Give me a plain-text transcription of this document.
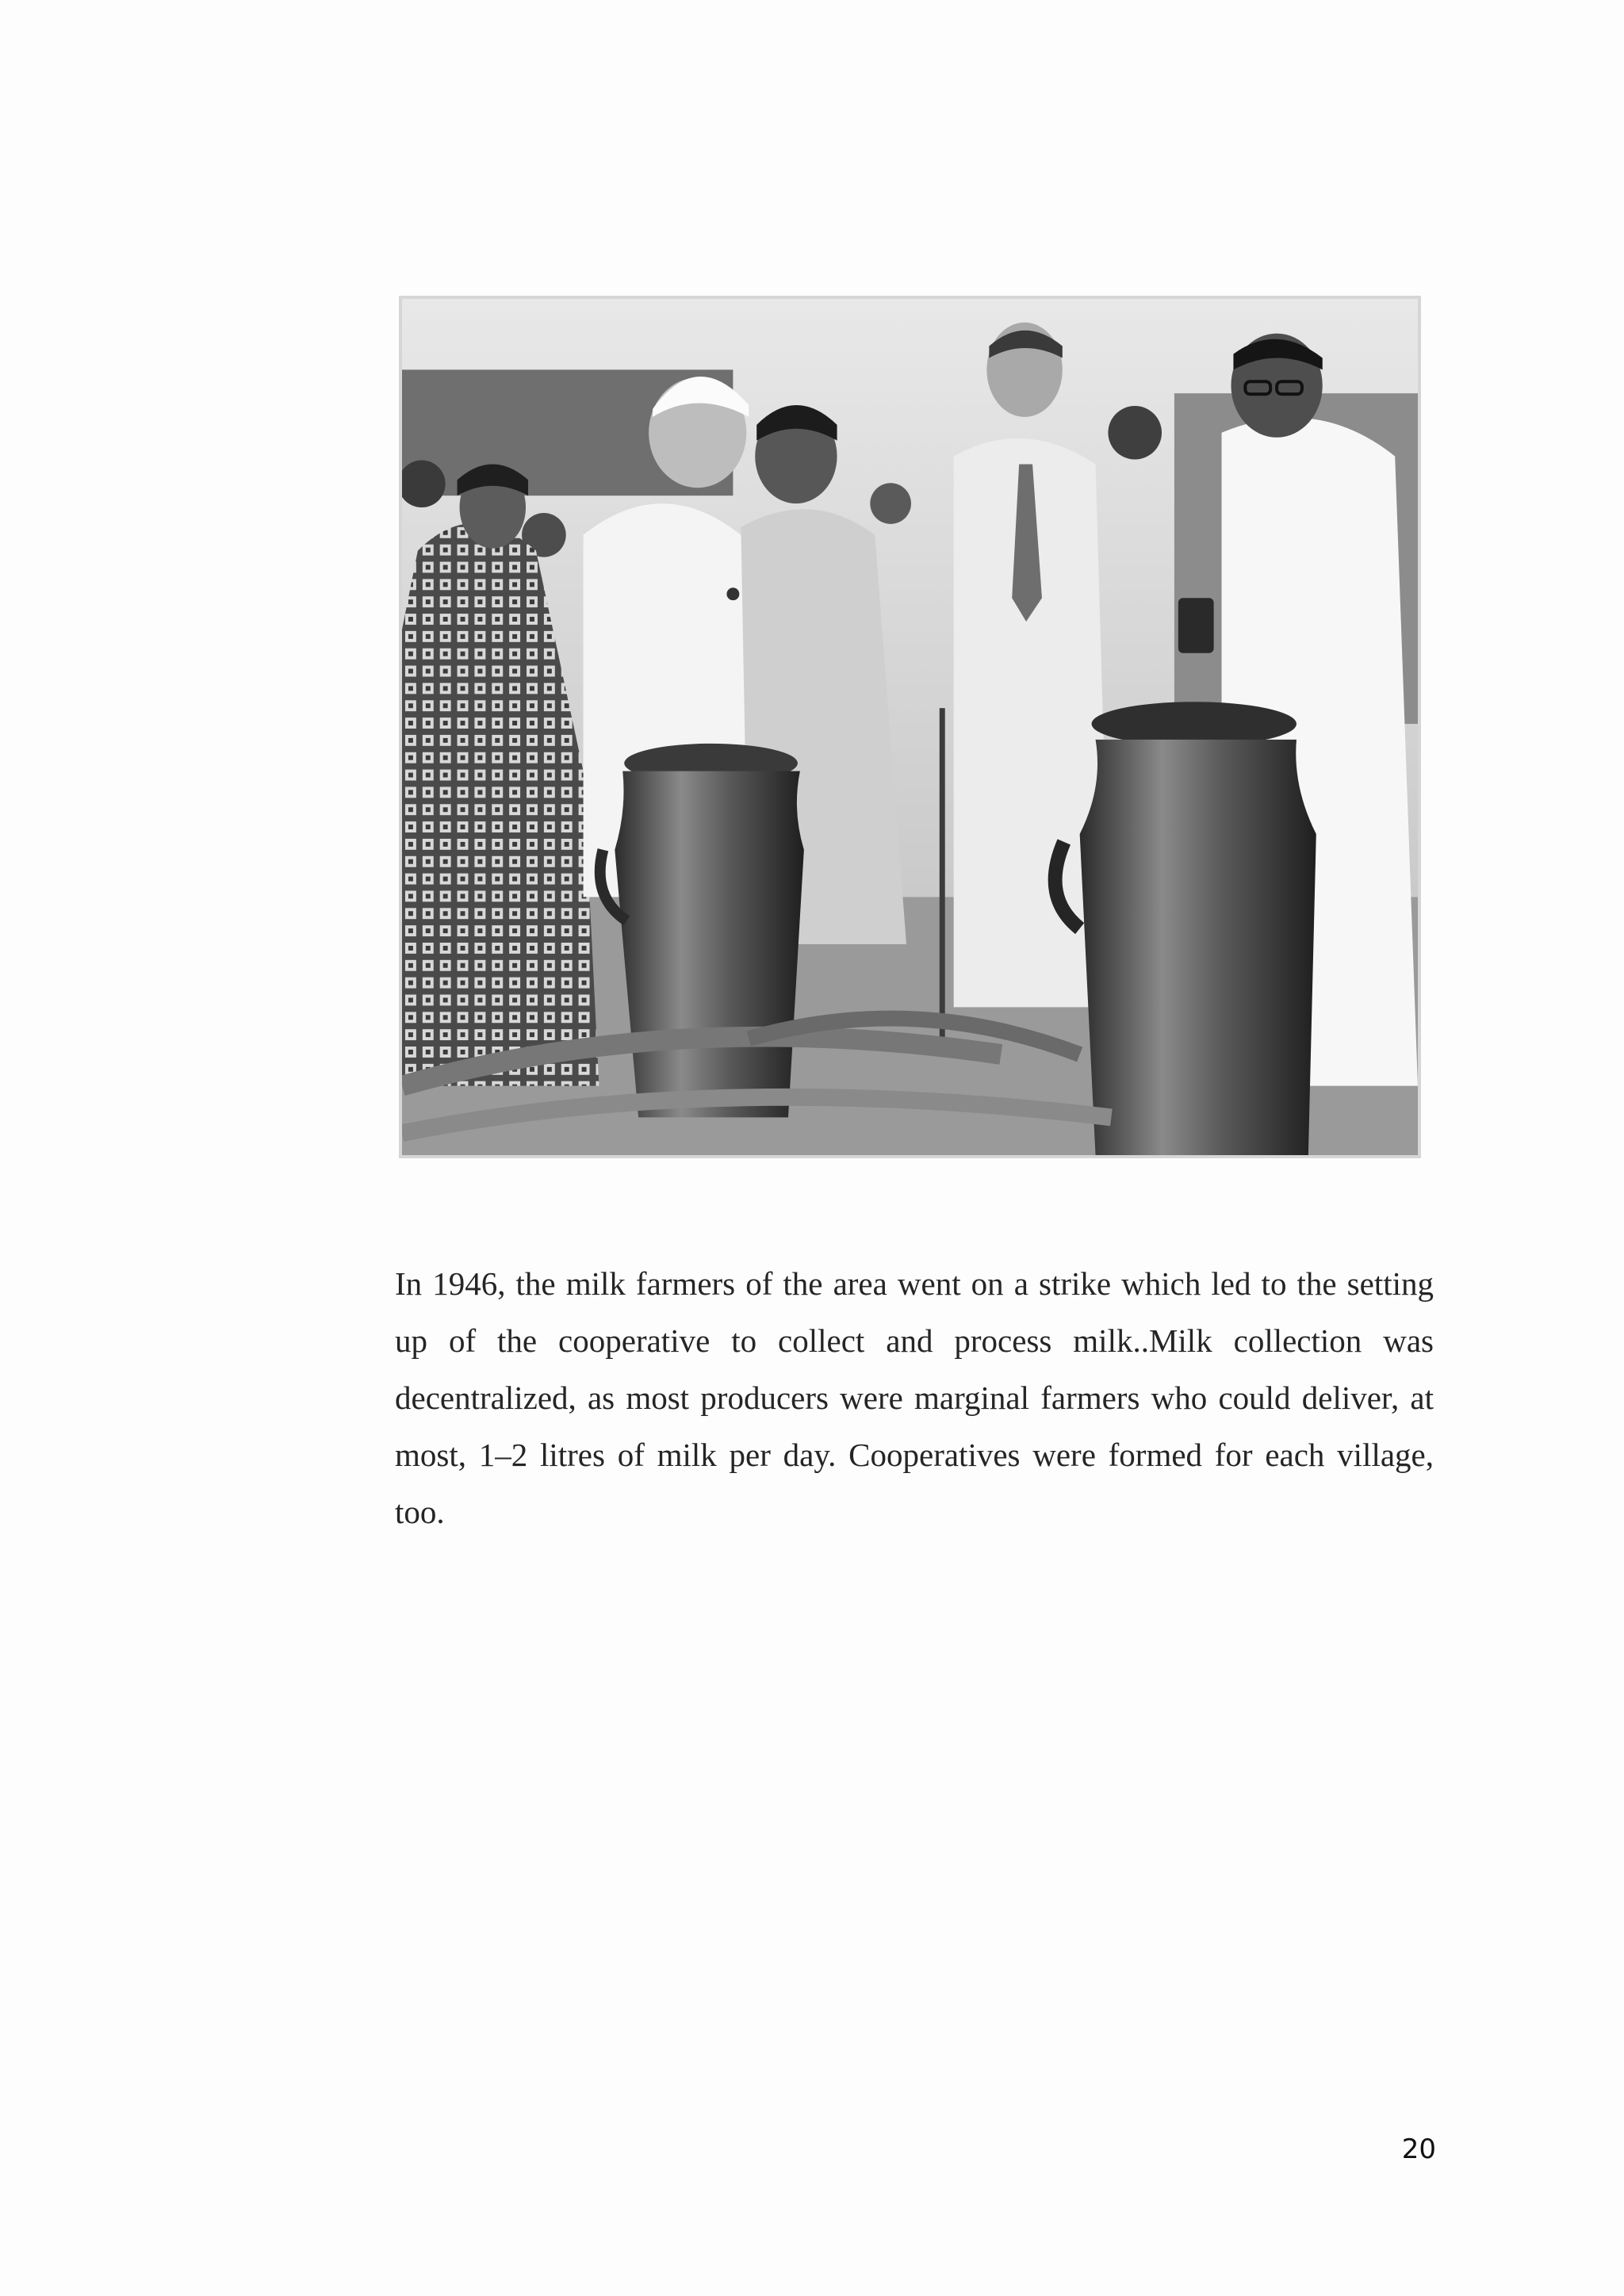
In 1946, the milk farmers of the area went on a strike which led to the setting up of the cooperative to collect and process milk..Milk collection was decentralized, as most producers were marginal farmers who could deliver, at most, 1–2 litres of milk per day. Cooperatives were formed for each village, too.

20
